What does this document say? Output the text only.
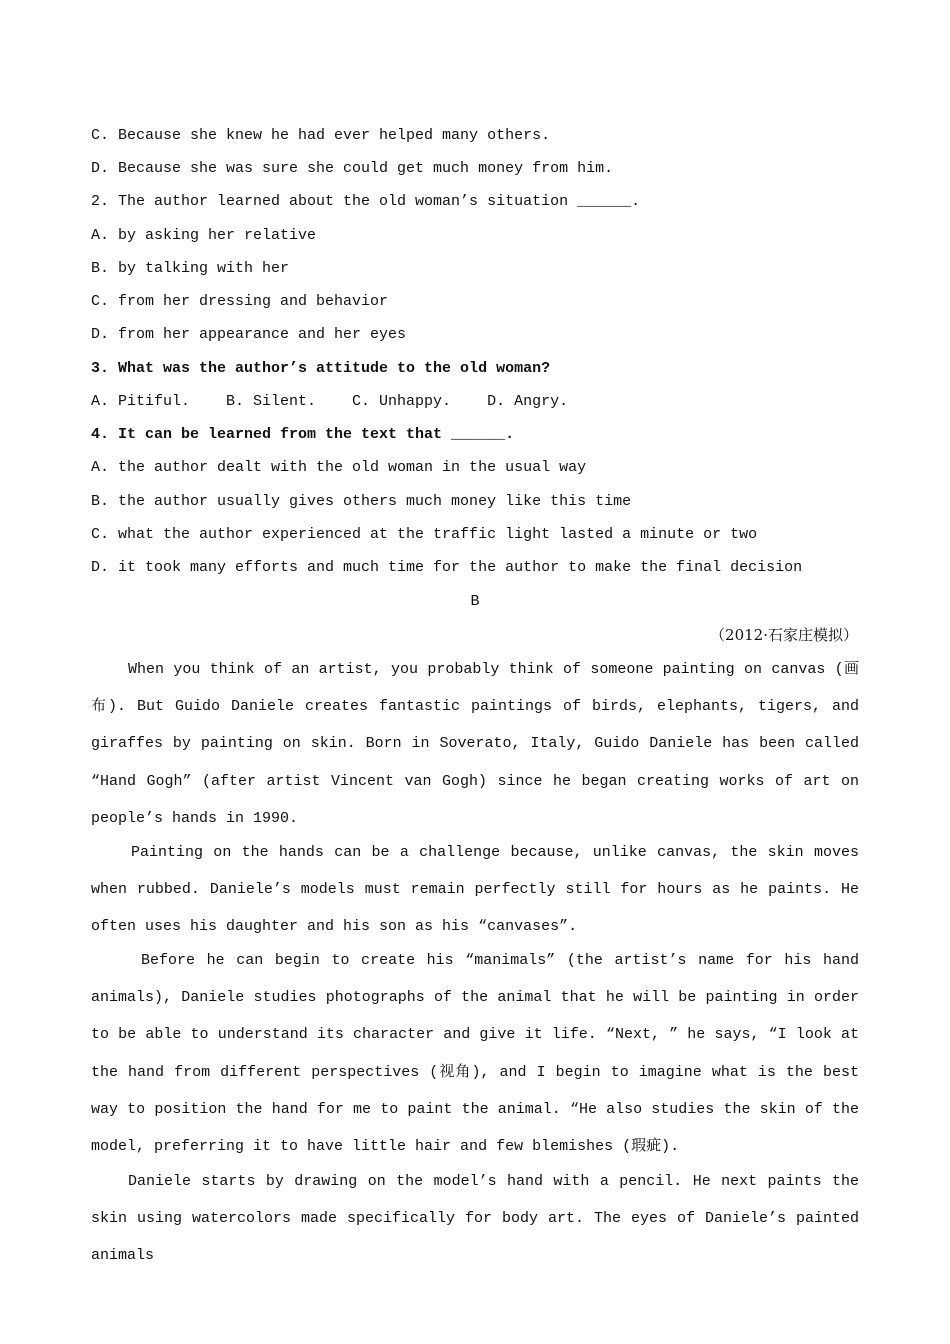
C. Because she knew he had ever helped many others.
D. Because she was sure she could get much money from him.
2. The author learned about the old woman’s situation ______.
A. by asking her relative
B. by talking with her
C. from her dressing and behavior
D. from her appearance and her eyes
3. What was the author’s attitude to the old woman?
A. Pitiful.    B. Silent.    C. Unhappy.    D. Angry.
4. It can be learned from the text that ______.
A. the author dealt with the old woman in the usual way
B. the author usually gives others much money like this time
C. what the author experienced at the traffic light lasted a minute or two
D. it took many efforts and much time for the author to make the final decision
B
（2012·石家庄模拟）
When you think of an artist, you probably think of someone painting on canvas (画布). But Guido Daniele creates fantastic paintings of birds, elephants, tigers, and giraffes by painting on skin. Born in Soverato, Italy, Guido Daniele has been called “Hand Gogh” (after artist Vincent van Gogh) since he began creating works of art on people’s hands in 1990.
Painting on the hands can be a challenge because, unlike canvas, the skin moves when rubbed. Daniele’s models must remain perfectly still for hours as he paints. He often uses his daughter and his son as his “canvases”.
Before he can begin to create his “manimals” (the artist’s name for his hand animals), Daniele studies photographs of the animal that he will be painting in order to be able to understand its character and give it life. “Next, ” he says, “I look at the hand from different perspectives (视角), and I begin to imagine what is the best way to position the hand for me to paint the animal. “He also studies the skin of the model, preferring it to have little hair and few blemishes (瑕疵).
Daniele starts by drawing on the model’s hand with a pencil. He next paints the skin using watercolors made specifically for body art. The eyes of Daniele’s painted animals
